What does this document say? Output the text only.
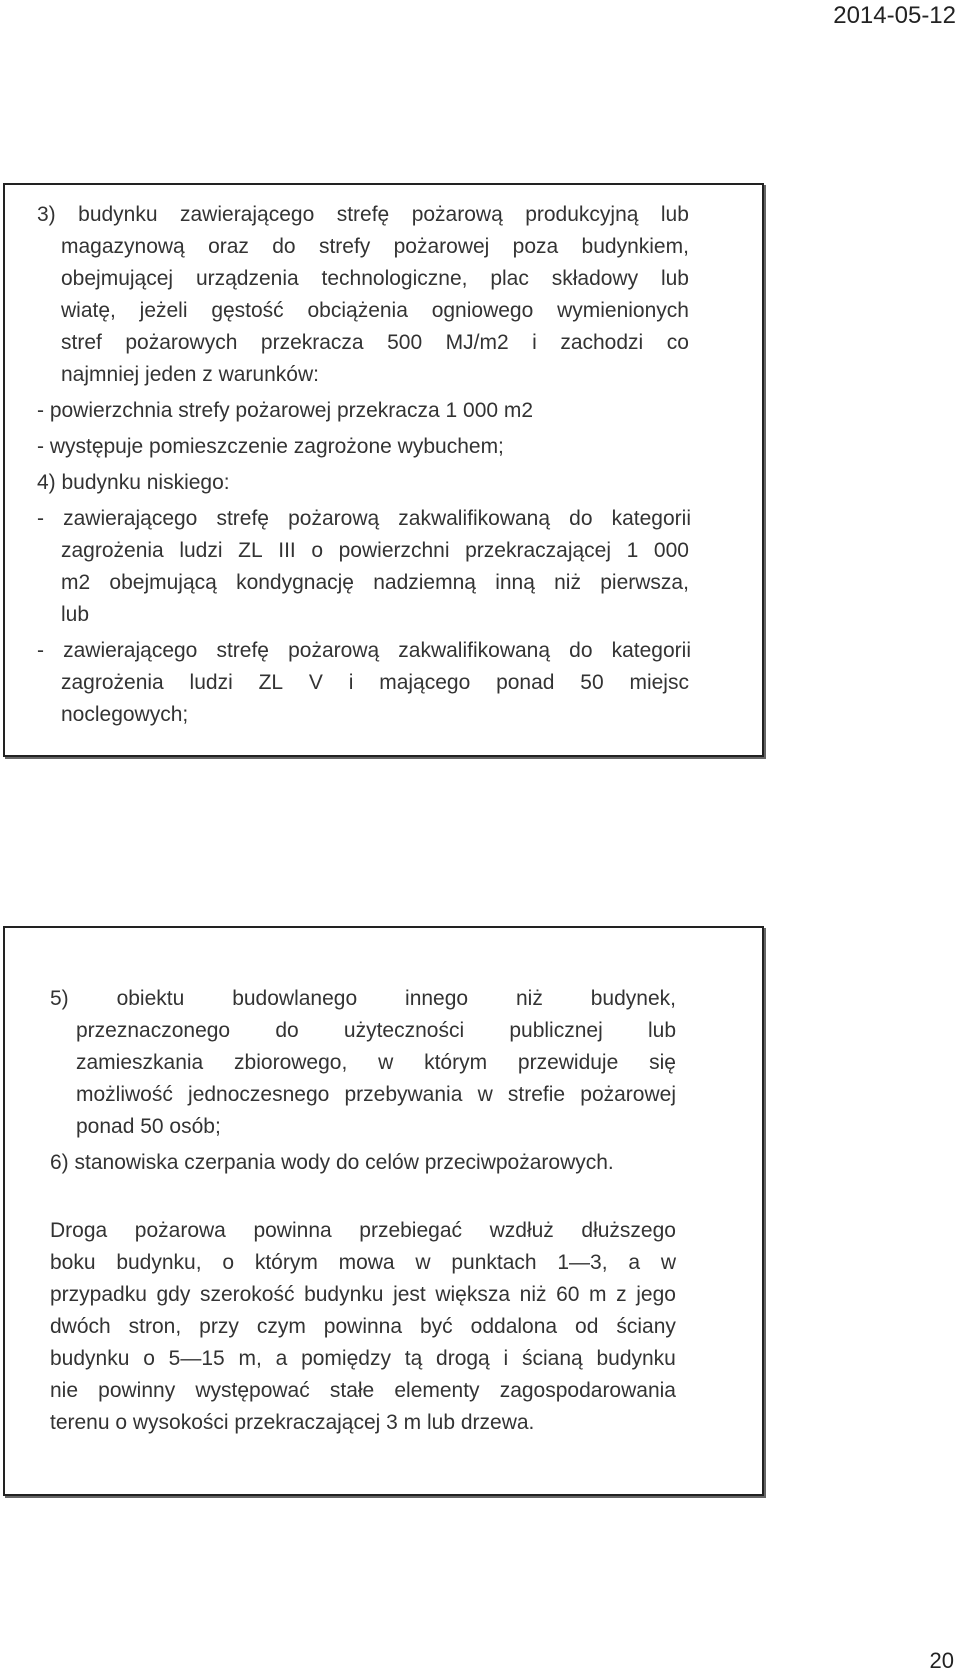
2014-05-12
3) budynku zawierającego strefę pożarową produkcyjną lub
magazynową oraz do strefy pożarowej poza budynkiem,
obejmującej urządzenia technologiczne, plac składowy lub
wiatę, jeżeli gęstość obciążenia ogniowego wymienionych
stref pożarowych przekracza 500 MJ/m2 i zachodzi co
najmniej jeden z warunków:
- powierzchnia strefy pożarowej przekracza 1 000 m2
- występuje pomieszczenie zagrożone wybuchem;
4) budynku niskiego:
- zawierającego strefę pożarową zakwalifikowaną do kategorii
zagrożenia ludzi ZL III o powierzchni przekraczającej 1 000
m2 obejmującą kondygnację nadziemną inną niż pierwsza,
lub
- zawierającego strefę pożarową zakwalifikowaną do kategorii
zagrożenia ludzi ZL V i mającego ponad 50 miejsc
noclegowych;
5) obiektu budowlanego innego niż budynek,
przeznaczonego do użyteczności publicznej lub
zamieszkania zbiorowego, w którym przewiduje się
możliwość jednoczesnego przebywania w strefie pożarowej
ponad 50 osób;
6) stanowiska czerpania wody do celów przeciwpożarowych.
Droga pożarowa powinna przebiegać wzdłuż dłuższego
boku budynku, o którym mowa w punktach 1—3, a w
przypadku gdy szerokość budynku jest większa niż 60 m z jego
dwóch stron, przy czym powinna być oddalona od ściany
budynku o 5—15 m, a pomiędzy tą drogą i ścianą budynku
nie powinny występować stałe elementy zagospodarowania
terenu o wysokości przekraczającej 3 m lub drzewa.
20
